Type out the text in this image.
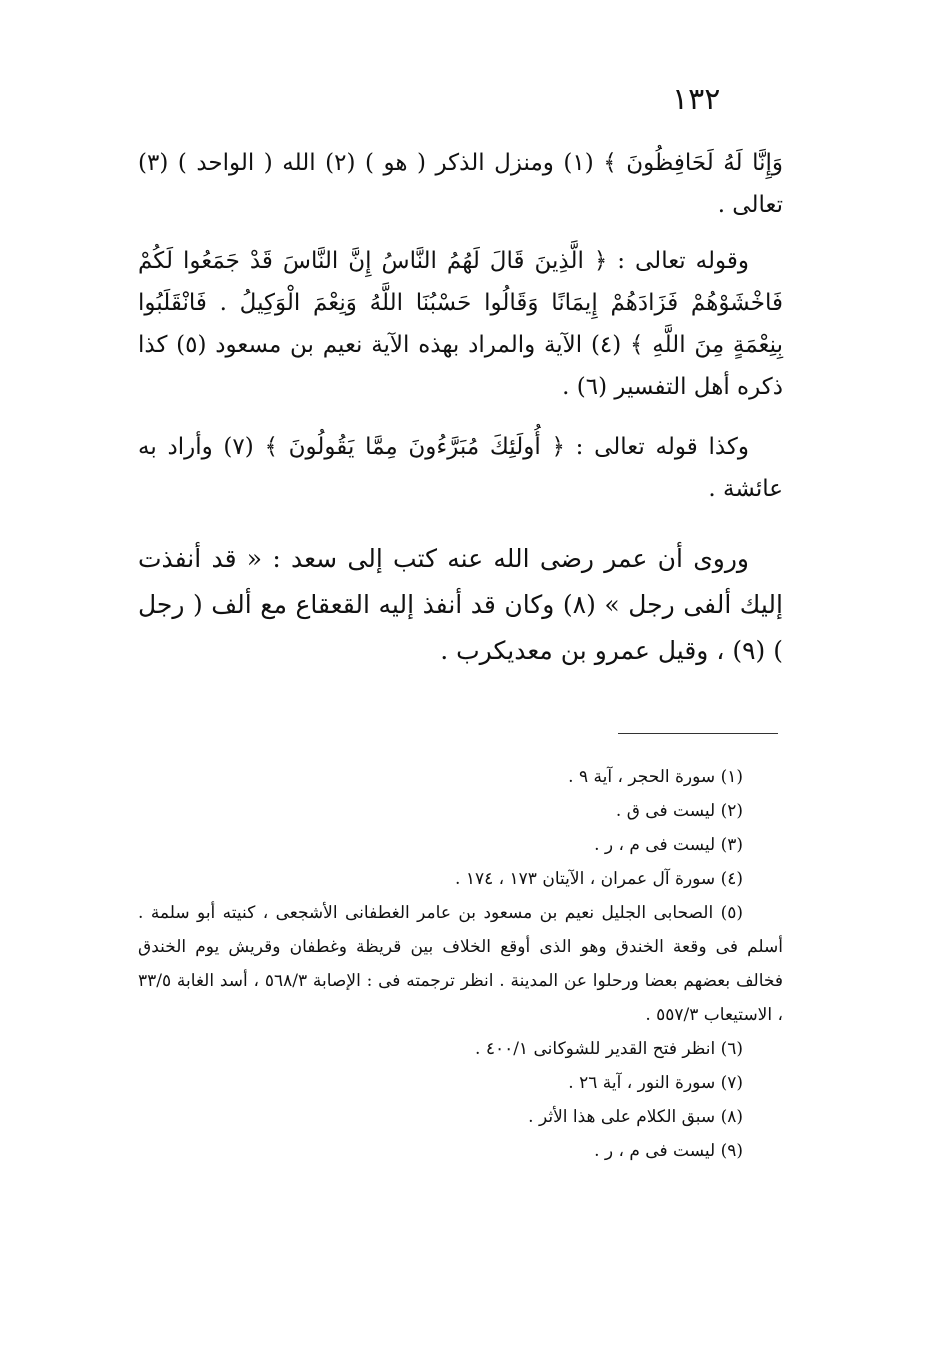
١٣٢

وَإِنَّا لَهُ لَحَافِظُونَ ﴾ (١) ومنزل الذكر ( هو ) (٢) الله ( الواحد ) (٣) تعالى .

وقوله تعالى : ﴿ الَّذِينَ قَالَ لَهُمُ النَّاسُ إِنَّ النَّاسَ قَدْ جَمَعُوا لَكُمْ فَاخْشَوْهُمْ فَزَادَهُمْ إِيمَانًا وَقَالُوا حَسْبُنَا اللَّهُ وَنِعْمَ الْوَكِيلُ . فَانْقَلَبُوا بِنِعْمَةٍ مِنَ اللَّهِ ﴾ (٤) الآية والمراد بهذه الآية نعيم بن مسعود (٥) كذا ذكره أهل التفسير (٦) .

وكذا قوله تعالى : ﴿ أُولَئِكَ مُبَرَّءُونَ مِمَّا يَقُولُونَ ﴾ (٧) وأراد به عائشة .

وروى أن عمر رضى الله عنه كتب إلى سعد : « قد أنفذت إليك ألفى رجل » (٨) وكان قد أنفذ إليه القعقاع مع ألف ( رجل ) (٩) ، وقيل عمرو بن معديكرب .

(١) سورة الحجر ، آية ٩ .

(٢) ليست فى ق .

(٣) ليست فى م ، ر .

(٤) سورة آل عمران ، الآيتان ١٧٣ ، ١٧٤ .

(٥) الصحابى الجليل نعيم بن مسعود بن عامر الغطفانى الأشجعى ، كنيته أبو سلمة . أسلم فى وقعة الخندق وهو الذى أوقع الخلاف بين قريظة وغطفان وقريش يوم الخندق فخالف بعضهم بعضا ورحلوا عن المدينة . انظر ترجمته فى : الإصابة ٥٦٨/٣ ، أسد الغابة ٣٣/٥ ، الاستيعاب ٥٥٧/٣ .

(٦) انظر فتح القدير للشوكانى ٤٠٠/١ .

(٧) سورة النور ، آية ٢٦ .

(٨) سبق الكلام على هذا الأثر .

(٩) ليست فى م ، ر .
